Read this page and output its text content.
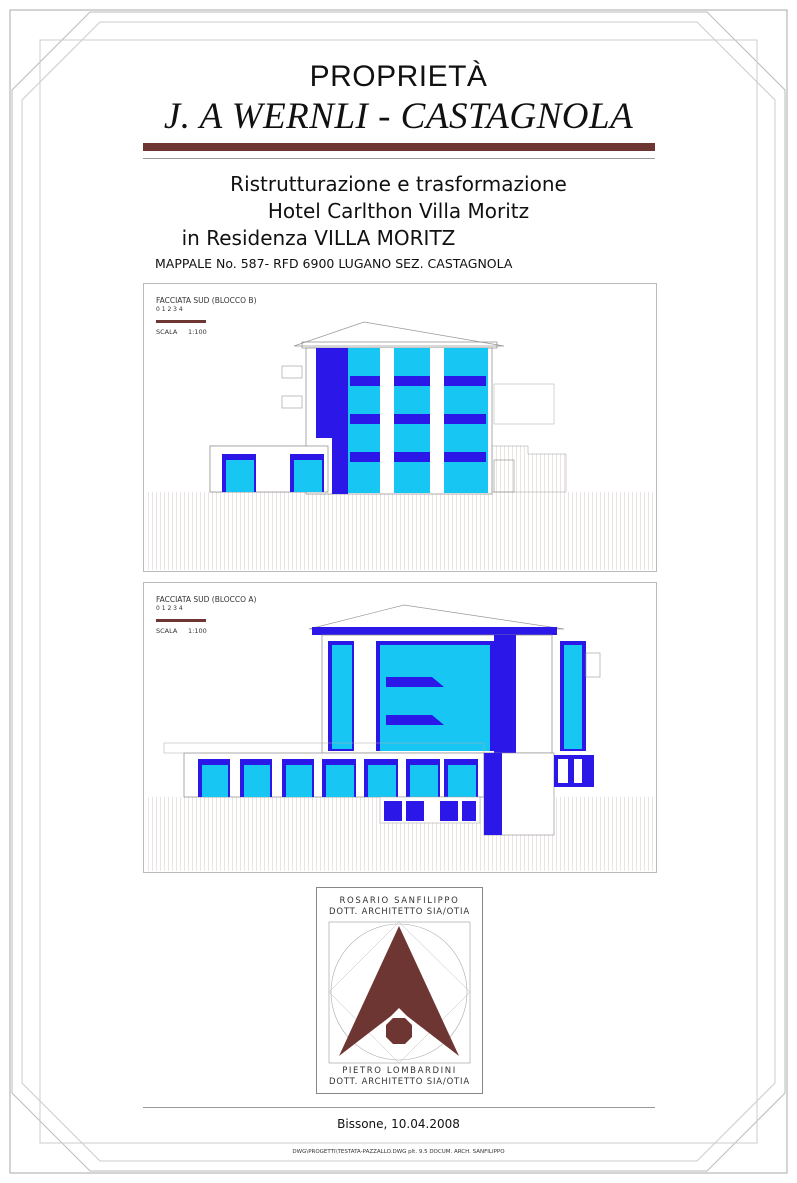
PROPRIETÀ
J. A WERNLI - CASTAGNOLA
Ristrutturazione e trasformazione
Hotel Carlthon Villa Moritz
in Residenza VILLA MORITZ
MAPPALE No. 587- RFD 6900 LUGANO SEZ. CASTAGNOLA
FACCIATA SUD (BLOCCO B)
0 1 2 3 4
SCALA 1:100
FACCIATA SUD (BLOCCO A)
0 1 2 3 4
SCALA 1:100
ROSARIO SANFILIPPO
DOTT. ARCHITETTO SIA/OTIA
PIETRO LOMBARDINI
DOTT. ARCHITETTO SIA/OTIA
Bissone, 10.04.2008
DWG\PROGETTI\TESTATA-PAZZALLO.DWG plt. 9.5 DOCUM. ARCH. SANFILIPPO
